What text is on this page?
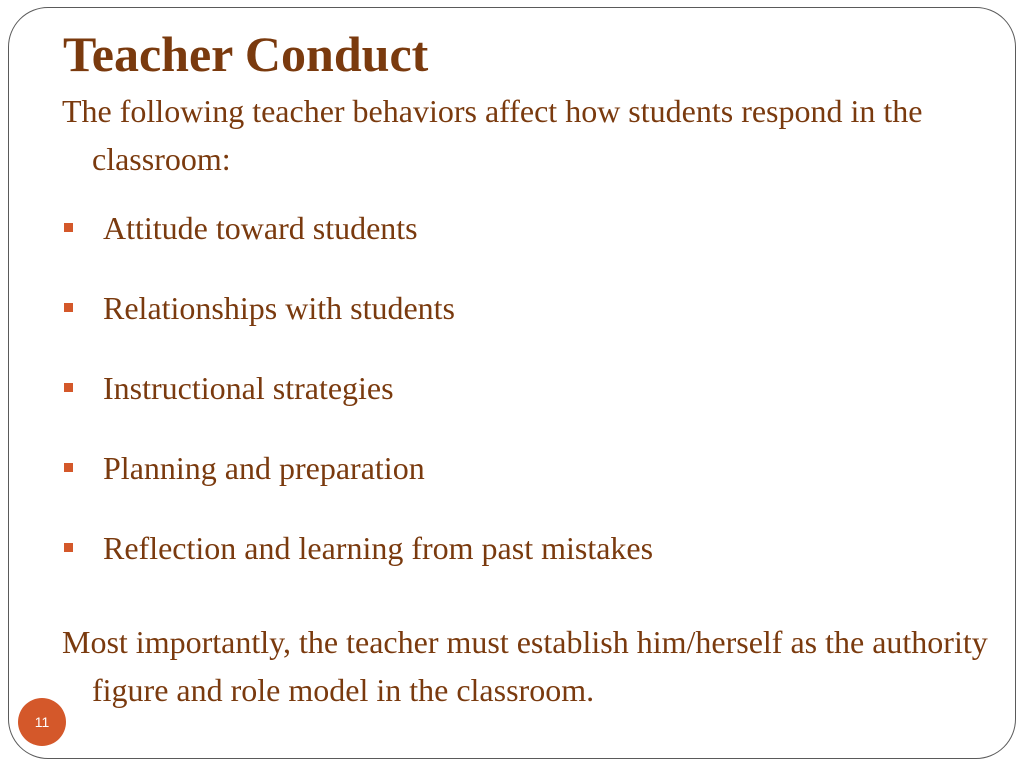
Teacher Conduct

The following teacher behaviors affect how students respond in the classroom:

Attitude toward students
Relationships with students
Instructional strategies
Planning and preparation
Reflection and learning from past mistakes

Most importantly, the teacher must establish him/herself as the authority figure and role model in the classroom.

11
